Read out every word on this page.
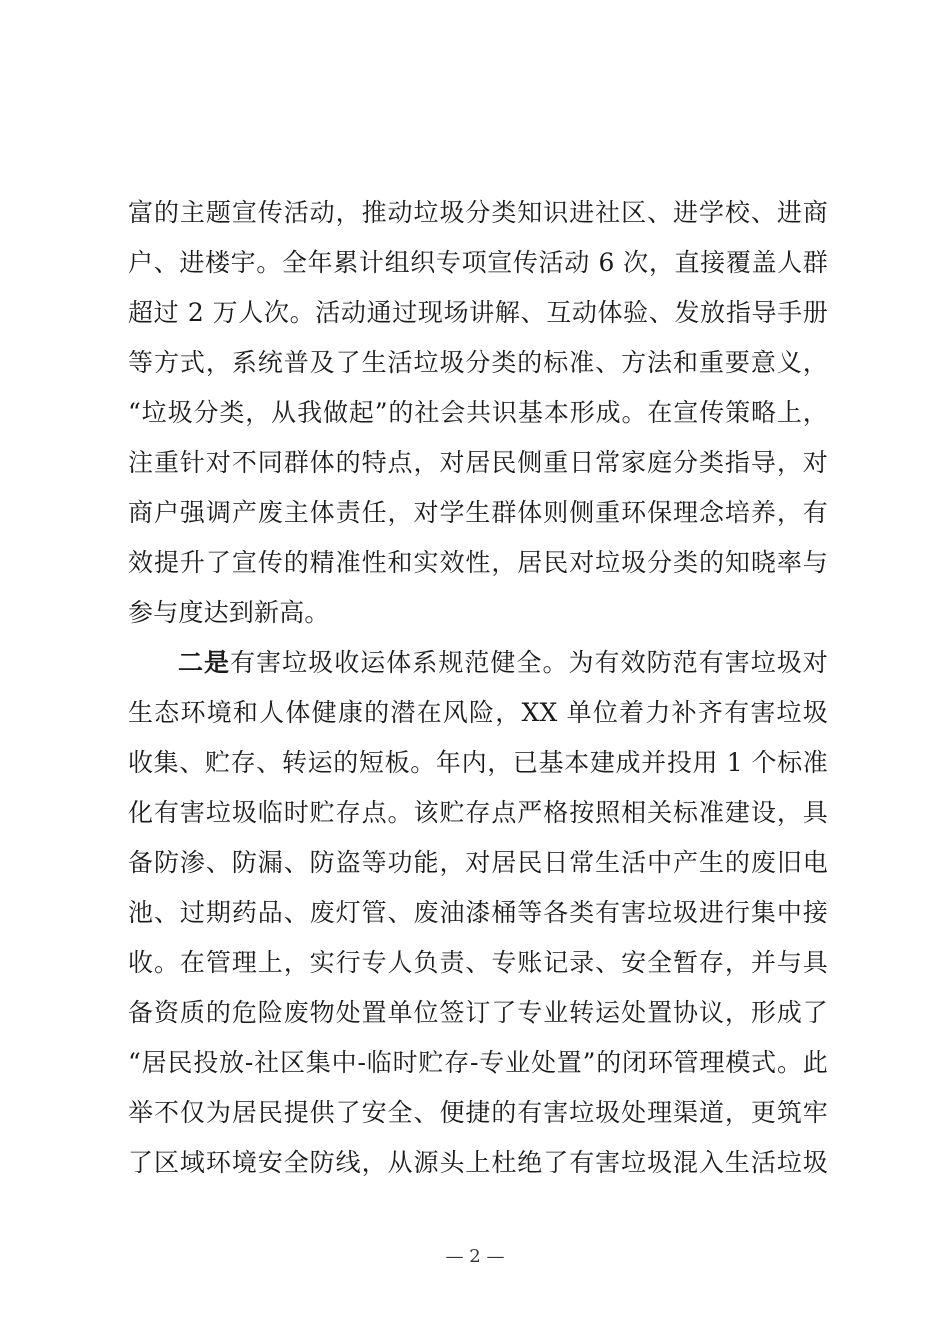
富的主题宣传活动，推动垃圾分类知识进社区、进学校、进商
户、进楼宇。全年累计组织专项宣传活动 6 次，直接覆盖人群
超过 2 万人次。活动通过现场讲解、互动体验、发放指导手册
等方式，系统普及了生活垃圾分类的标准、方法和重要意义，
“垃圾分类，从我做起”的社会共识基本形成。在宣传策略上，
注重针对不同群体的特点，对居民侧重日常家庭分类指导，对
商户强调产废主体责任，对学生群体则侧重环保理念培养，有
效提升了宣传的精准性和实效性，居民对垃圾分类的知晓率与
参与度达到新高。
二是有害垃圾收运体系规范健全。为有效防范有害垃圾对
生态环境和人体健康的潜在风险，XX 单位着力补齐有害垃圾
收集、贮存、转运的短板。年内，已基本建成并投用 1 个标准
化有害垃圾临时贮存点。该贮存点严格按照相关标准建设，具
备防渗、防漏、防盗等功能，对居民日常生活中产生的废旧电
池、过期药品、废灯管、废油漆桶等各类有害垃圾进行集中接
收。在管理上，实行专人负责、专账记录、安全暂存，并与具
备资质的危险废物处置单位签订了专业转运处置协议，形成了
“居民投放-社区集中-临时贮存-专业处置”的闭环管理模式。此
举不仅为居民提供了安全、便捷的有害垃圾处理渠道，更筑牢
了区域环境安全防线，从源头上杜绝了有害垃圾混入生活垃圾
— 2 —
